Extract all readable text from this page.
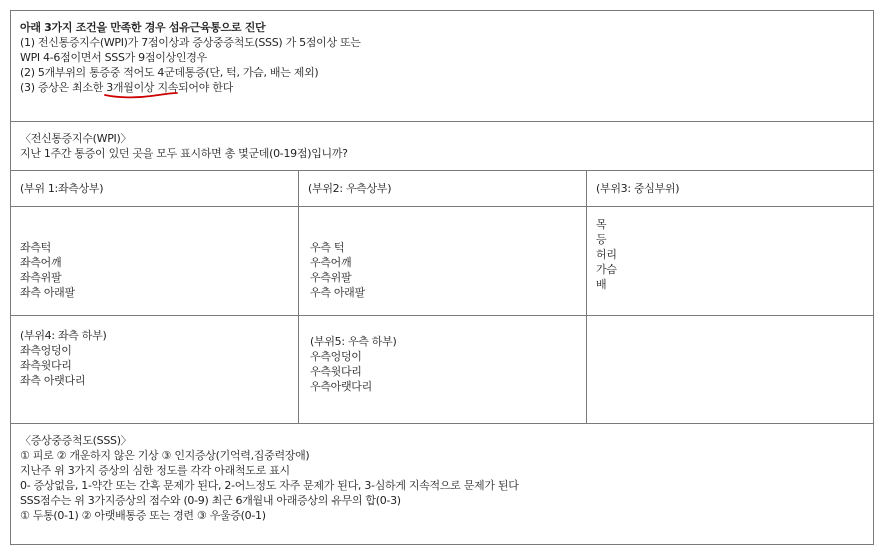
아래 3가지 조건을 만족한 경우 섬유근육통으로 진단
(1) 전신통증지수(WPI)가 7점이상과 증상중증척도(SSS) 가 5점이상 또는
WPI 4-6점이면서 SSS가 9점이상인경우
(2) 5개부위의 통증중 적어도 4군데통증(단, 턱, 가슴, 배는 제외)
(3) 증상은 최소한 3개월이상
지속되어야 한다
〈전신통증지수(WPI)〉
지난 1주간 통증이 있던 곳을 모두 표시하면 총 몇군데(0-19점)입니까?
(부위 1:좌측상부)	(부위2: 우측상부)	(부위3: 중심부위)
좌측턱
좌측어깨
좌측위팔
좌측 아래팔
우측 턱
우측어깨
우측위팔
우측 아래팔
목
등
허리
가슴
배
(부위4: 좌측 하부)
좌측엉덩이
좌측윗다리
좌측 아랫다리
(부위5: 우측 하부)
우측엉덩이
우측윗다리
우측아랫다리
〈증상중증척도(SSS)〉
① 피로 ② 개운하지 않은 기상 ③ 인지증상(기억력,집중력장애)
지난주 위 3가지 증상의 심한 정도를 각각 아래척도로 표시
0- 증상없음, 1-약간 또는 간혹 문제가 된다, 2-어느정도 자주 문제가 된다, 3-심하게 지속적으로 문제가 된다
SSS점수는 위 3가지증상의 점수와 (0-9) 최근 6개월내 아래증상의 유무의 합(0-3)
① 두통(0-1) ② 아랫배통증 또는 경련 ③ 우울증(0-1)
